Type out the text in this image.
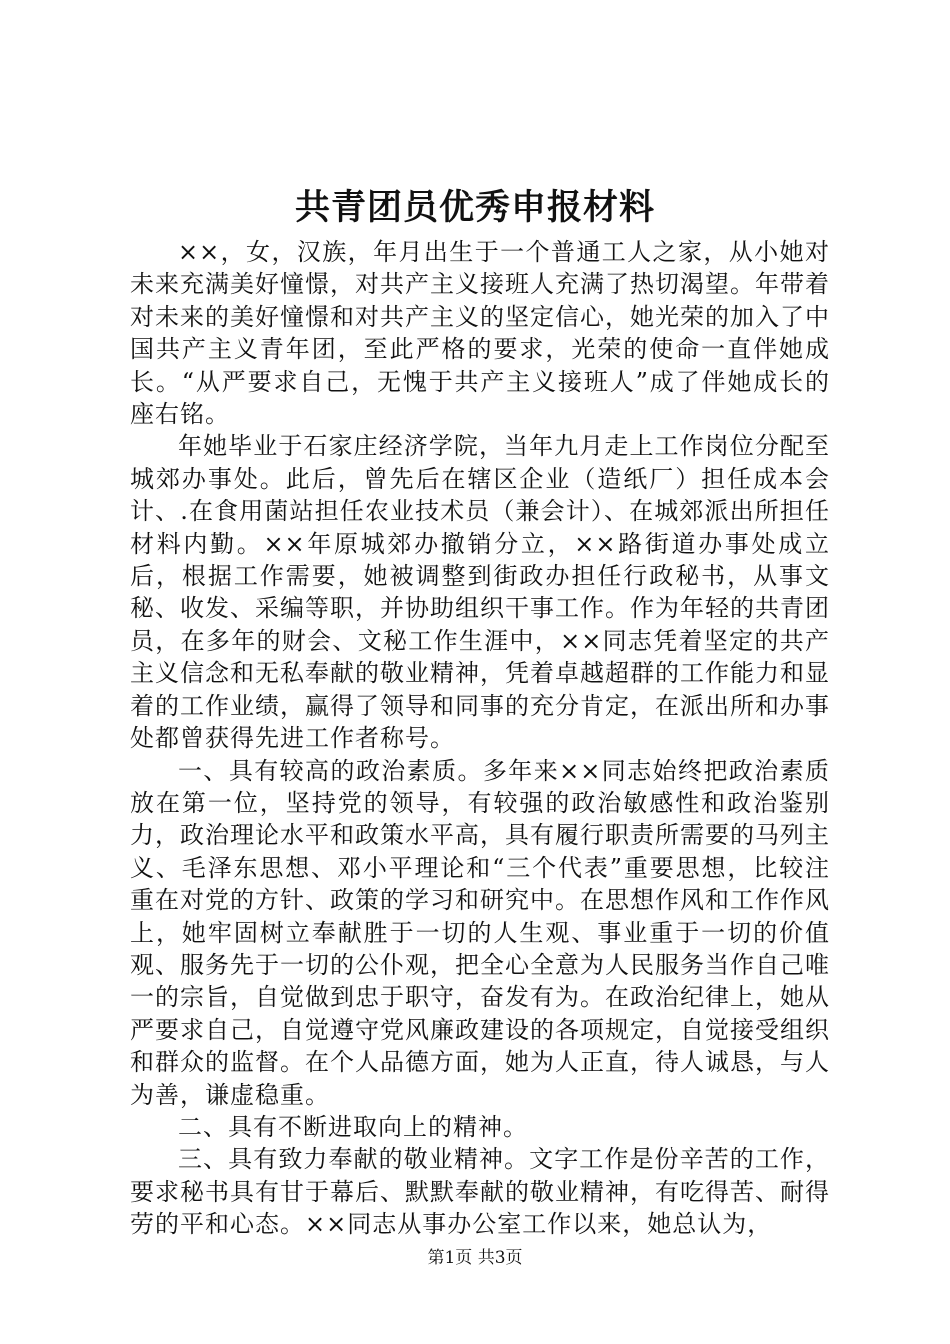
共青团员优秀申报材料

××，女，汉族，年月出生于一个普通工人之家，从小她对未来充满美好憧憬，对共产主义接班人充满了热切渴望。年带着对未来的美好憧憬和对共产主义的坚定信心，她光荣的加入了中国共产主义青年团，至此严格的要求，光荣的使命一直伴她成长。“从严要求自己，无愧于共产主义接班人”成了伴她成长的座右铭。

年她毕业于石家庄经济学院，当年九月走上工作岗位分配至城郊办事处。此后，曾先后在辖区企业（造纸厂）担任成本会计、.在食用菌站担任农业技术员（兼会计）、在城郊派出所担任材料内勤。××年原城郊办撤销分立，××路街道办事处成立后，根据工作需要，她被调整到街政办担任行政秘书，从事文秘、收发、采编等职，并协助组织干事工作。作为年轻的共青团员，在多年的财会、文秘工作生涯中，××同志凭着坚定的共产主义信念和无私奉献的敬业精神，凭着卓越超群的工作能力和显着的工作业绩，赢得了领导和同事的充分肯定，在派出所和办事处都曾获得先进工作者称号。

一、具有较高的政治素质。多年来××同志始终把政治素质放在第一位，坚持党的领导，有较强的政治敏感性和政治鉴别力，政治理论水平和政策水平高，具有履行职责所需要的马列主义、毛泽东思想、邓小平理论和“三个代表”重要思想，比较注重在对党的方针、政策的学习和研究中。在思想作风和工作作风上，她牢固树立奉献胜于一切的人生观、事业重于一切的价值观、服务先于一切的公仆观，把全心全意为人民服务当作自己唯一的宗旨，自觉做到忠于职守，奋发有为。在政治纪律上，她从严要求自己，自觉遵守党风廉政建设的各项规定，自觉接受组织和群众的监督。在个人品德方面，她为人正直，待人诚恳，与人为善，谦虚稳重。

二、具有不断进取向上的精神。

三、具有致力奉献的敬业精神。文字工作是份辛苦的工作，要求秘书具有甘于幕后、默默奉献的敬业精神，有吃得苦、耐得劳的平和心态。××同志从事办公室工作以来，她总认为，

第1页 共3页
